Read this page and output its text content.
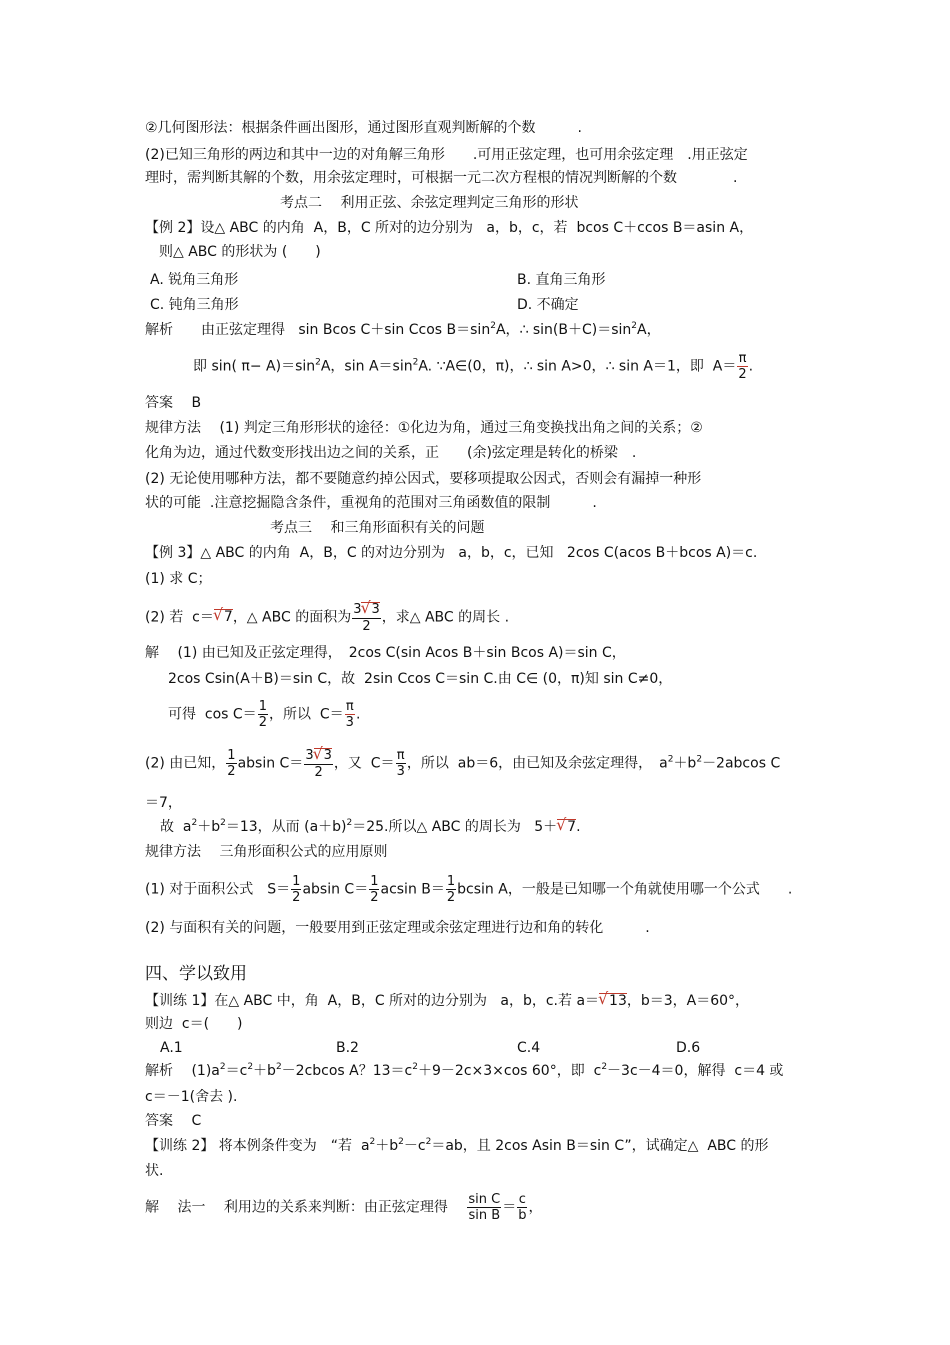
②几何图形法：根据条件画出图形，通过图形直观判断解的个数　　　.
(2)已知三角形的两边和其中一边的对角解三角形　　.可用正弦定理，也可用余弦定理　.用正弦定
理时，需判断其解的个数，用余弦定理时，可根据一元二次方程根的情况判断解的个数　　　　.
考点二　 利用正弦、余弦定理判定三角形的形状
【例 2】设△ ABC 的内角  A，B，C 所对的边分别为   a，b，c，若  bcos C＋ccos B＝asin A，
　则△ ABC 的形状为 (　　)
A. 锐角三角形	B. 直角三角形
C. 钝角三角形	D. 不确定
解析　　 由正弦定理得   sin Bcos C＋sin Ccos $B=\sin^2A$，∴ $\sin(B+C)=\sin^2A$，
即 sin( $\pi- A)=\sin^2A$，$\sin A=\sin^2A$. ∵A∈(0，π)，∴ sin A>0，∴ sin A＝1，即  $A= \frac{\pi}{2}$ .
答案　 B
规律方法　 (1) 判定三角形形状的途径：①化边为角，通过三角变换找出角之间的关系；②
化角为边，通过代数变形找出边之间的关系，正　　(余)弦定理是转化的桥梁　.
(2) 无论使用哪种方法，都不要随意约掉公因式，要移项提取公因式，否则会有漏掉一种形
状的可能  .注意挖掘隐含条件，重视角的范围对三角函数值的限制　　　.
考点三　 和三角形面积有关的问题
【例 3】△ ABC 的内角  A，B，C 的对边分别为   a，b，c，已知   2cos C(acos B＋bcos A)＝c.
(1) 求 C；
(2) 若  c＝ √ 7，△ ABC 的面积为 $\frac{3 √ 3}{2}$ ，求△ ABC 的周长 .
解　 (1) 由已知及正弦定理得，　2cos C(sin Acos B＋sin Bcos A)＝sin C，
2cos Csin(A＋B)＝sin C，故  2sin Ccos C＝sin C.由 C∈ (0，π)知 sin C≠0，
可得  $\cos C= \frac{1}{2}$ ，所以  $C= \frac{\pi}{3}$ .
(2) 由已知， $\frac{1}{2}$ absin $C= \frac{3 √ 3}{2}$ ，又  $C= \frac{\pi}{3}$ ，所以  ab＝6，由已知及余弦定理得，　$a^2+b^2-2abcos$ C
＝7，
故  $a^2+b^2=13$，从而 $(a+b)^2=25$.所以△ ABC 的周长为   5＋ √ 7.
规律方法　 三角形面积公式的应用原则
(1) 对于面积公式　$S= \frac{1}{2}$ absin $C= \frac{1}{2}$ acsin $B= \frac{1}{2}$ bcsin A，一般是已知哪一个角就使用哪一个公式　　.
(2) 与面积有关的问题，一般要用到正弦定理或余弦定理进行边和角的转化　　　.
四、学以致用
【训练 1】在△ ABC 中，角  A，B，C 所对的边分别为   a，b，c.若 a＝ √ 13，b＝3，A＝60°，
则边  c＝(　　)
A.1	B.2	C.4	D.6
解析　 $(1)a^2=c^2+b^2-2cbcos$ A？$13=c^2+9-2c\times 3\times\cos$ 60°，即  $c^2-3c-4=0$，解得  c＝4 或
c＝－1(舍去 ).
答案　 C
【训练 2】 将本例条件变为　“若  $a^2+b^2-c^2=ab$，且 2cos Asin B＝sin C”，试确定△  ABC 的形
状.
解　 法一　 利用边的关系来判断：由正弦定理得　 $\frac{\text{sin C}}{\text{sin B}} = \frac{c}{b}$ ，
